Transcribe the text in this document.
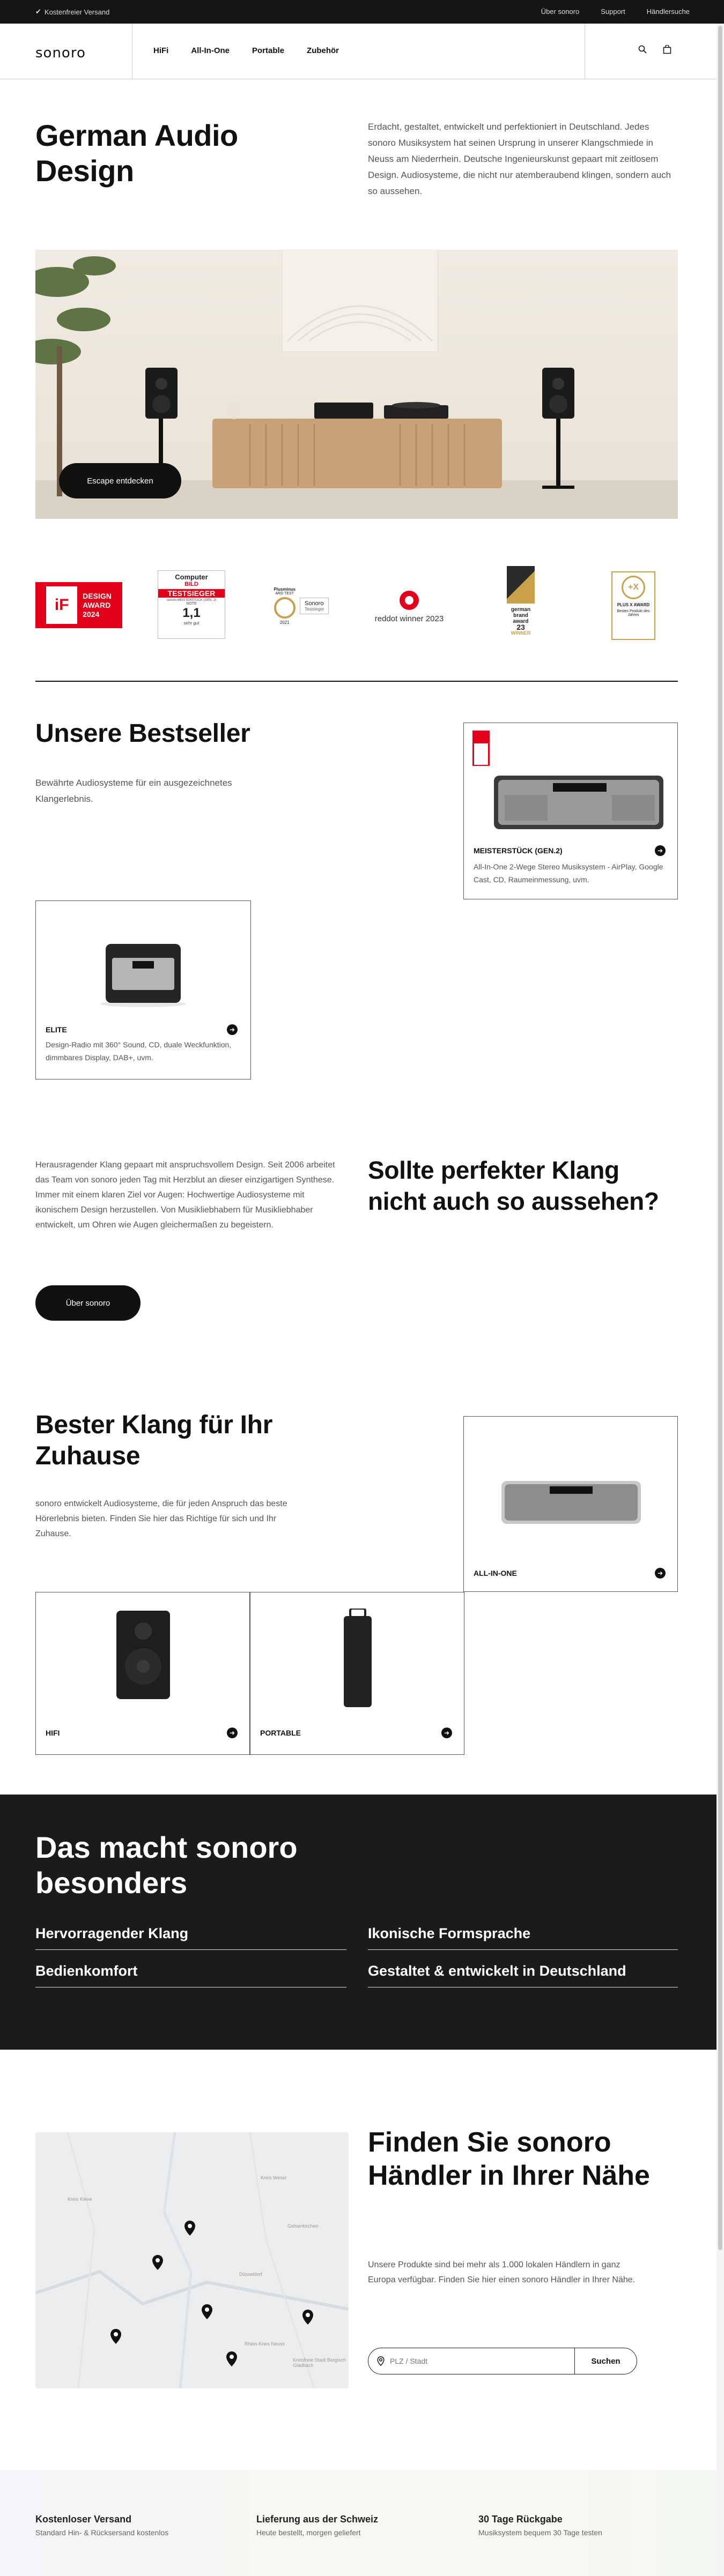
✔ Kostenfreier Versand	Über sonoro	Support	Händlersuche
sonoro	HiFi	All-In-One	Portable	Zubehör
German Audio Design

Erdacht, gestaltet, entwickelt und perfektioniert in Deutschland. Jedes sonoro Musiksystem hat seinen Ursprung in unserer Klangschmiede in Neuss am Niederrhein. Deutsche Ingenieurskunst gepaart mit zeitlosem Design. Audiosysteme, die nicht nur atemberaubend klingen, sondern auch so aussehen.

Escape entdecken
iF
DESIGN
AWARD
2024
Computer
BILD
TESTSIEGER
sonoro MEISTERSTÜCK (GEN. 2)
NOTE
1,1
sehr gut
Plusminus
ARD TEST
2021
Sonoro
Testsieger
reddot winner 2023
german
brand
award
23
WINNER
+X
PLUS X AWARD
Bestes Produkt des Jahres
Unsere Bestseller

Bewährte Audiosysteme für ein ausgezeichnetes Klangerlebnis.

MEISTERSTÜCK (GEN.2)	➜
All-In-One 2-Wege Stereo Musiksystem - AirPlay, Google Cast, CD, Raumeinmessung, uvm.
ELITE	➜
Design-Radio mit 360° Sound, CD, duale Weckfunktion, dimmbares Display, DAB+, uvm.

Herausragender Klang gepaart mit anspruchsvollem Design. Seit 2006 arbeitet das Team von sonoro jeden Tag mit Herzblut an dieser einzigartigen Synthese. Immer mit einem klaren Ziel vor Augen: Hochwertige Audiosysteme mit ikonischem Design herzustellen. Von Musikliebhabern für Musikliebhaber entwickelt, um Ohren wie Augen gleichermaßen zu begeistern.

Über sonoro
Sollte perfekter Klang nicht auch so aussehen?
Bester Klang für Ihr Zuhause

sonoro entwickelt Audiosysteme, die für jeden Anspruch das beste Hörerlebnis bieten. Finden Sie hier das Richtige für sich und Ihr Zuhause.

ALL-IN-ONE	➜
HIFI	➜	PORTABLE	➜
Das macht sonoro besonders
Hervorragender Klang	Ikonische Formsprache
Bedienkomfort	Gestaltet & entwickelt in Deutschland
Kreis Kleve
Kreis Wesel
Düsseldorf
Gelsenkirchen
Rhein-Kreis Neuss
Kreisfreie Stadt Bergisch Gladbach
Finden Sie sonoro Händler in Ihrer Nähe

Unsere Produkte sind bei mehr als 1.000 lokalen Händlern in ganz Europa verfügbar. Finden Sie hier einen sonoro Händler in Ihrer Nähe.

PLZ / Stadt
Suchen
Kostenloser Versand
Standard Hin- & Rücksersand kostenlos
Lieferung aus der Schweiz
Heute bestellt, morgen geliefert
30 Tage Rückgabe
Musiksystem bequem 30 Tage testen
